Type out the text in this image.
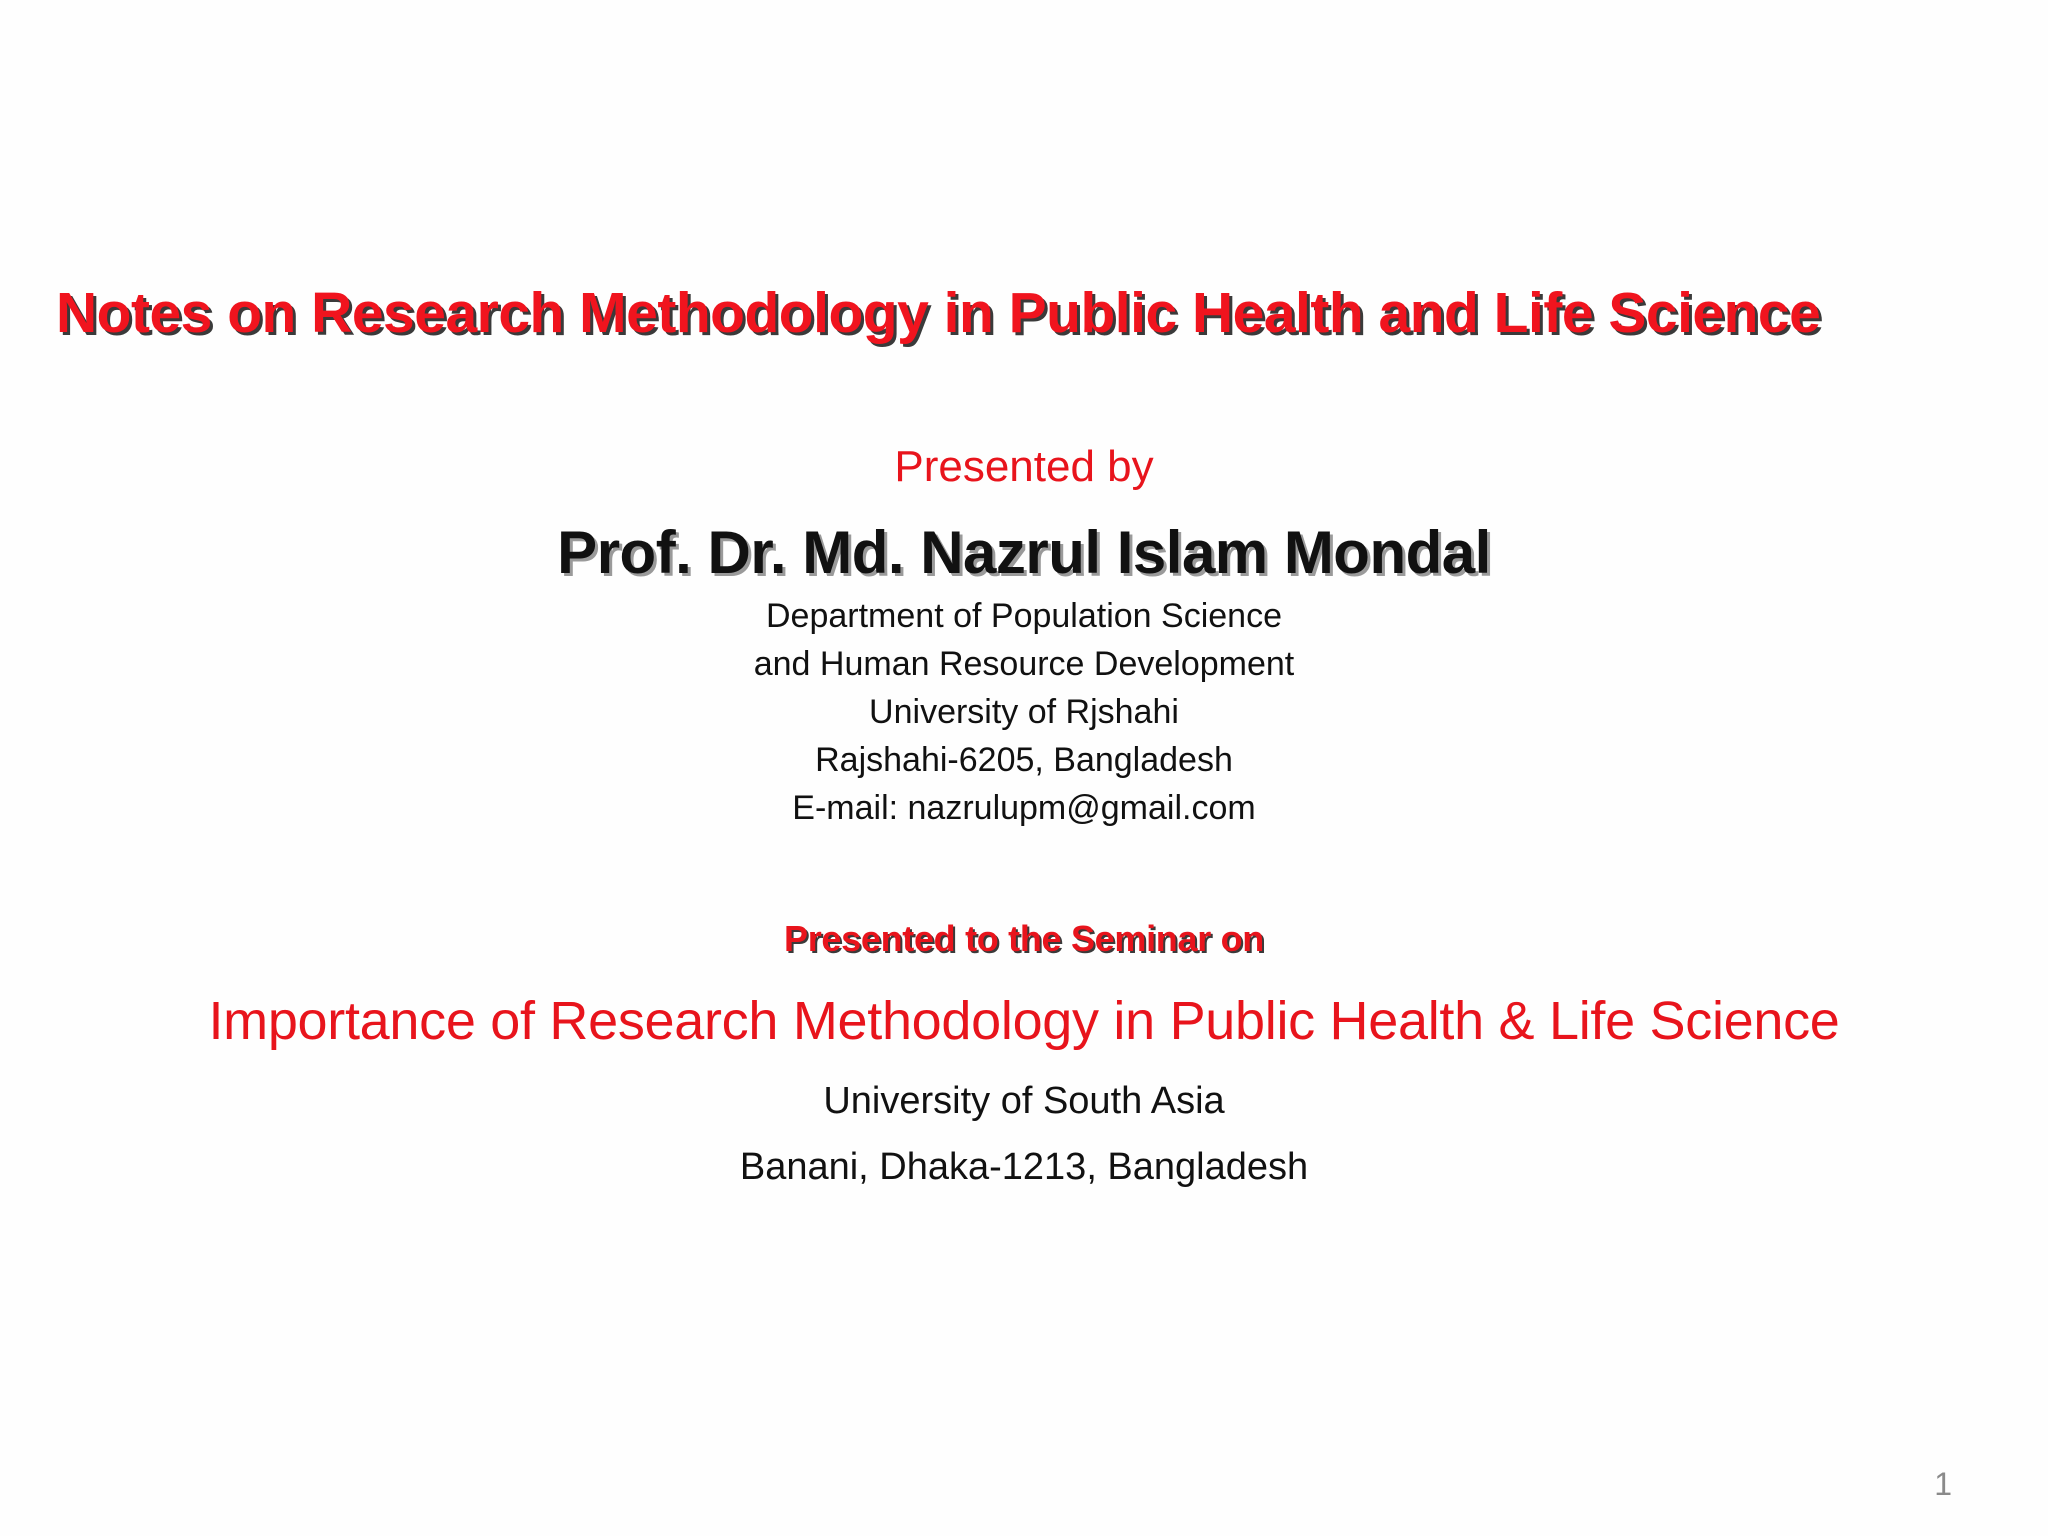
Notes on Research Methodology in Public Health and Life Science

Presented by

Prof. Dr. Md. Nazrul Islam Mondal

Department of Population Science
and Human Resource Development
University of Rjshahi
Rajshahi-6205, Bangladesh
E-mail: nazrulupm@gmail.com

Presented to the Seminar on

Importance of Research Methodology in Public Health & Life Science

University of South Asia

Banani, Dhaka-1213, Bangladesh

1
